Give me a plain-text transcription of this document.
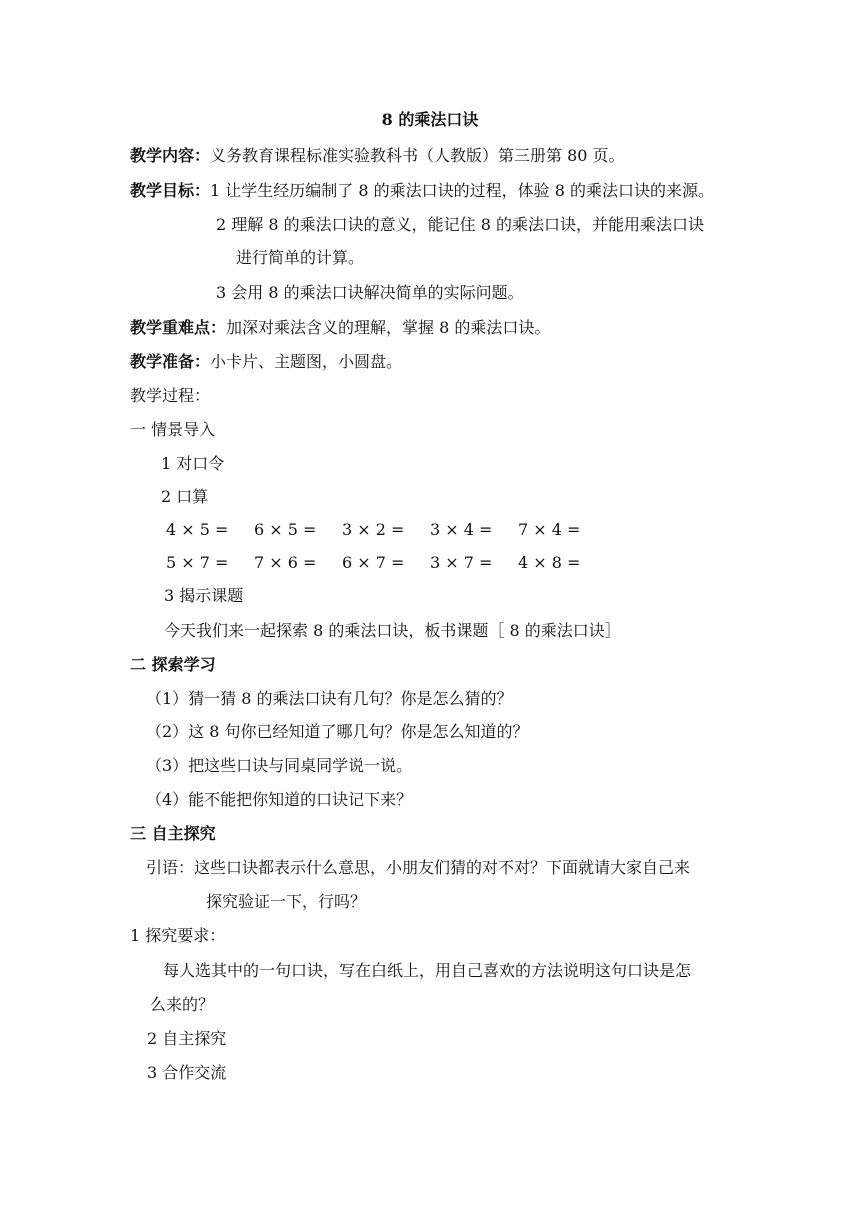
8 的乘法口诀
教学内容：义务教育课程标准实验教科书（人教版）第三册第 80 页。
教学目标：1 让学生经历编制了 8 的乘法口诀的过程，体验 8 的乘法口诀的来源。
2 理解 8 的乘法口诀的意义，能记住 8 的乘法口诀，并能用乘法口诀
进行简单的计算。
3 会用 8 的乘法口诀解决简单的实际问题。
教学重难点：加深对乘法含义的理解，掌握 8 的乘法口诀。
教学准备：小卡片、主题图，小圆盘。
教学过程：
一 情景导入
1 对口令
2 口算
4 × 5 = 6 × 5 = 3 × 2 = 3 × 4 = 7 × 4 =
5 × 7 = 7 × 6 = 6 × 7 = 3 × 7 = 4 × 8 =
3 揭示课题
今天我们来一起探索 8 的乘法口诀，板书课题［ 8 的乘法口诀］
二 探索学习
（1）猜一猜 8 的乘法口诀有几句？你是怎么猜的？
（2）这 8 句你已经知道了哪几句？你是怎么知道的？
（3）把这些口诀与同桌同学说一说。
（4）能不能把你知道的口诀记下来？
三 自主探究
引语：这些口诀都表示什么意思，小朋友们猜的对不对？下面就请大家自己来
探究验证一下，行吗？
1 探究要求：
每人选其中的一句口诀，写在白纸上，用自己喜欢的方法说明这句口诀是怎
么来的？
2 自主探究
3 合作交流
